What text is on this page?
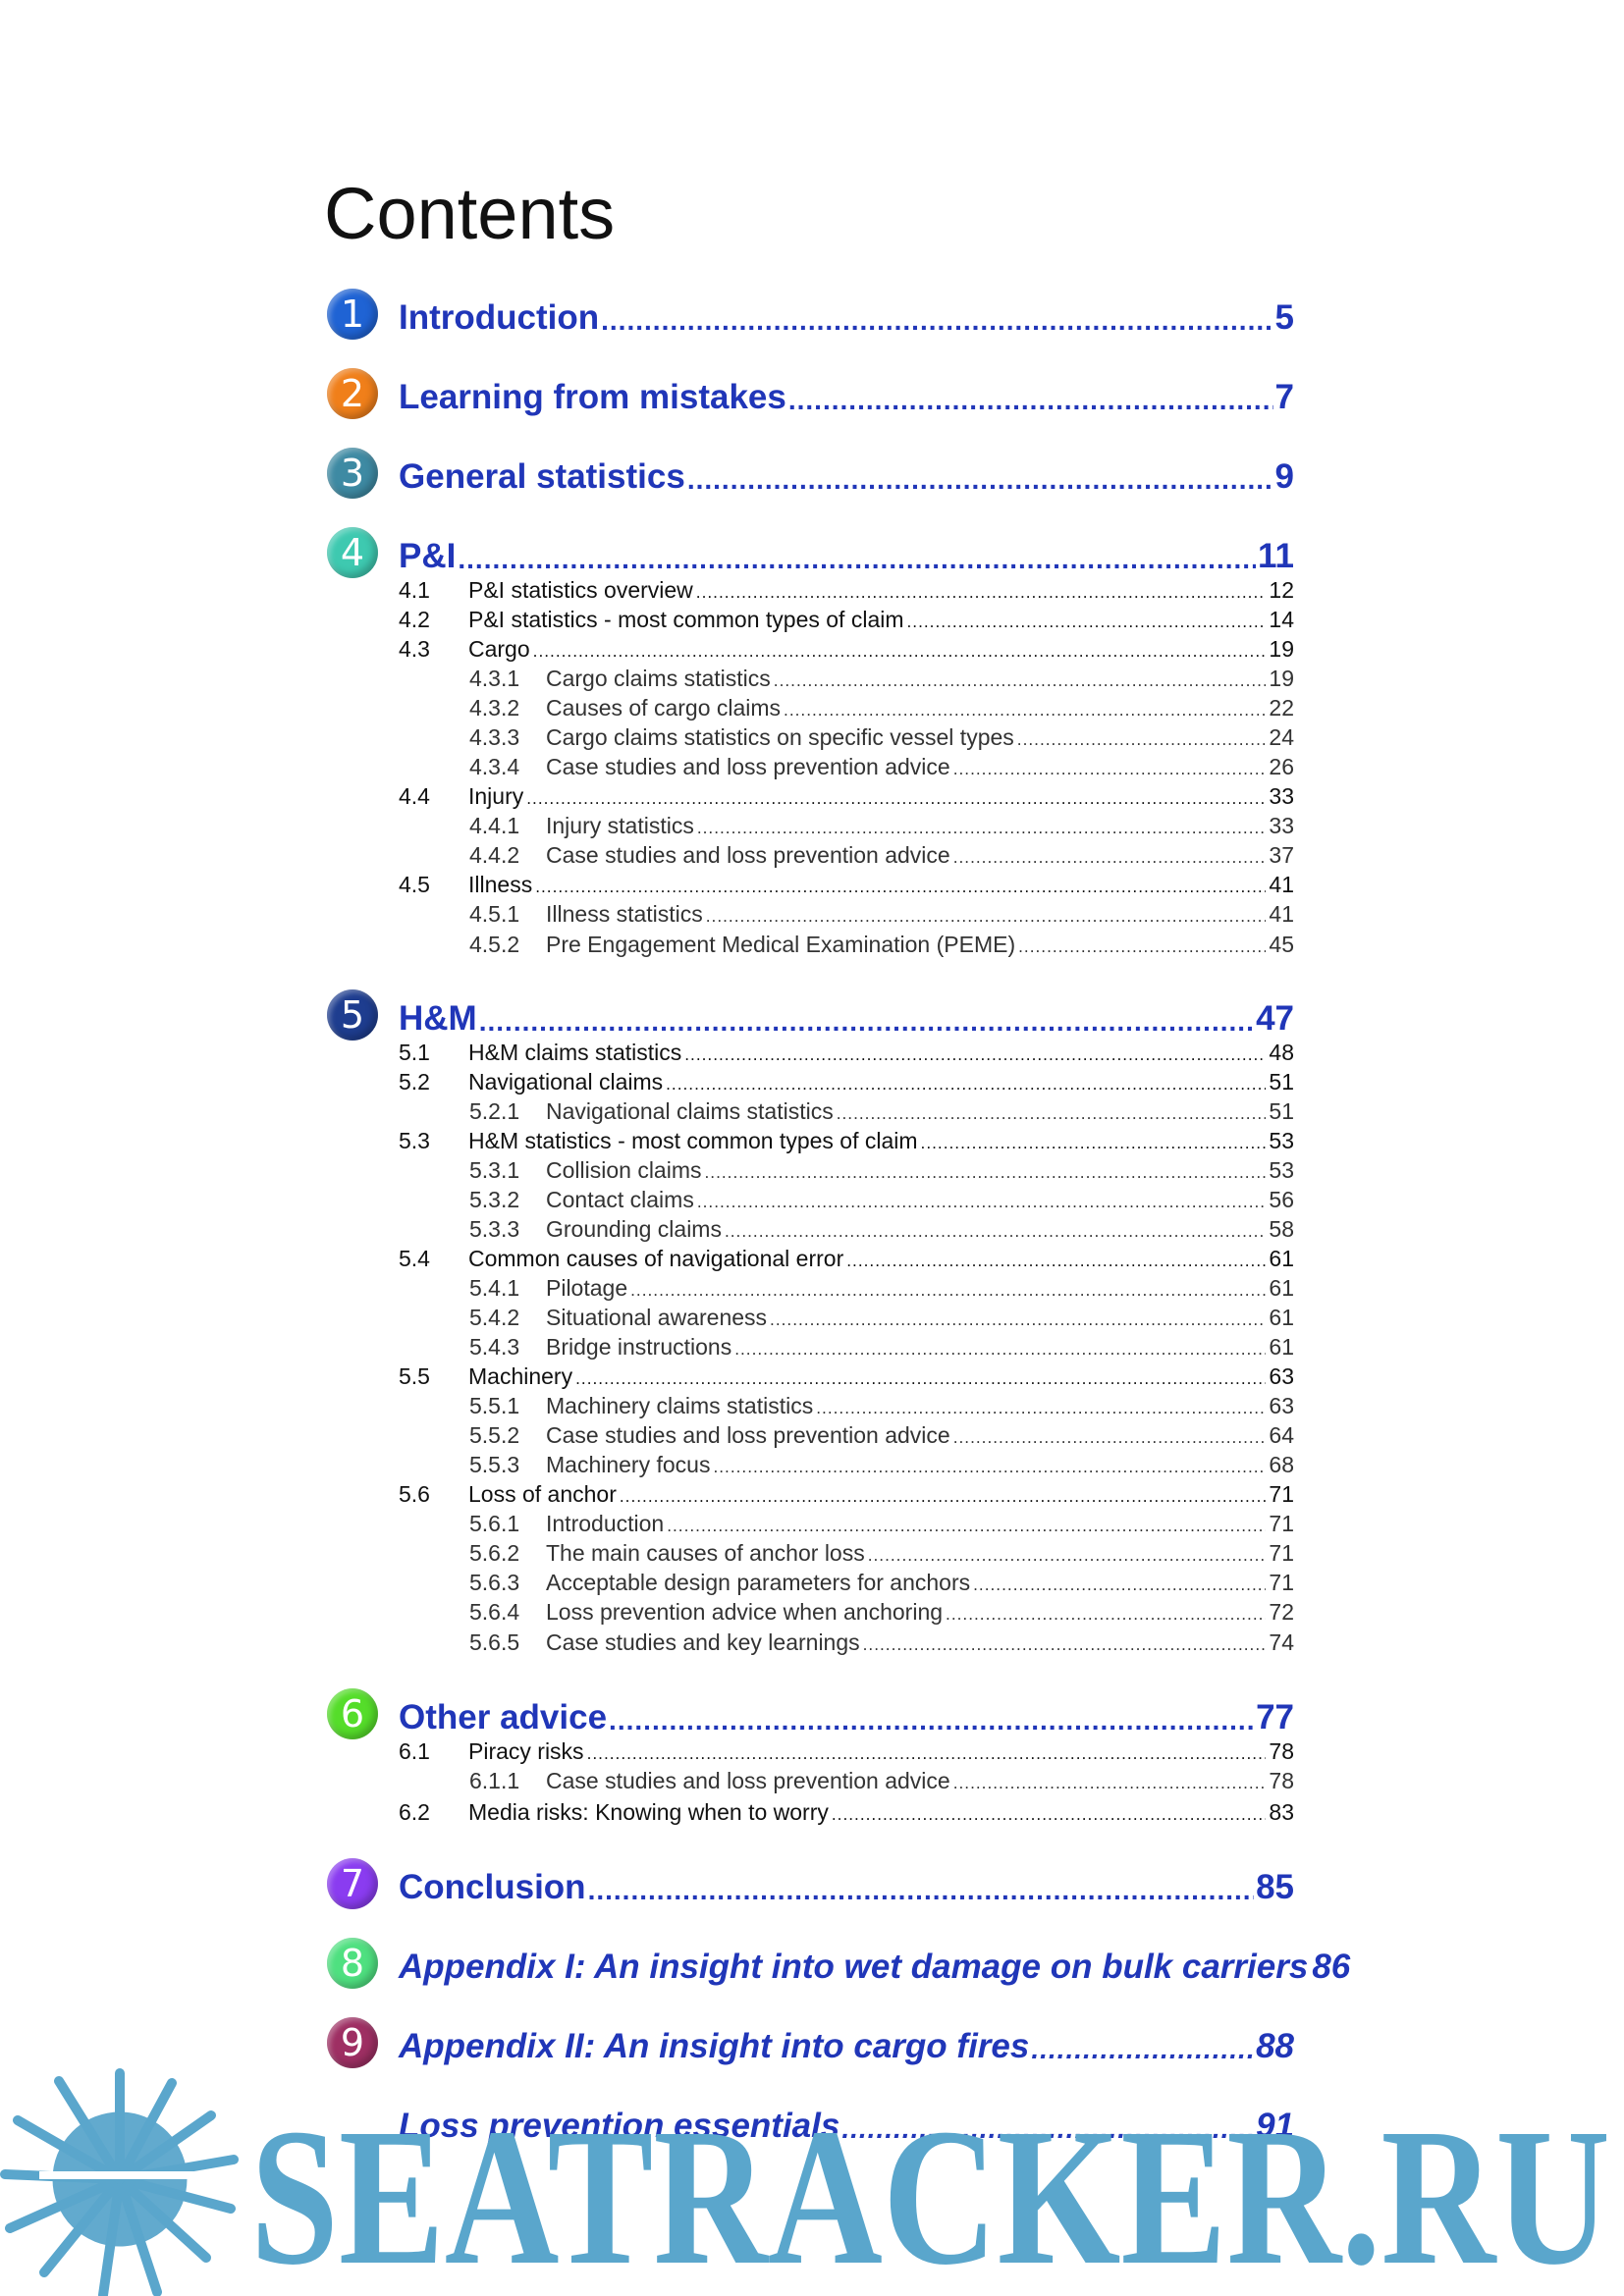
Contents
1 Introduction .....	5
2 Learning from mistakes .....	7
3 General statistics .....	9
4 P&I .....	11
4.1 P&I statistics overview .....	12
4.2 P&I statistics - most common types of claim .....	14
4.3 Cargo .....	19
4.3.1 Cargo claims statistics .....	19
4.3.2 Causes of cargo claims .....	22
4.3.3 Cargo claims statistics on specific vessel types .....	24
4.3.4 Case studies and loss prevention advice .....	26
4.4 Injury .....	33
4.4.1 Injury statistics .....	33
4.4.2 Case studies and loss prevention advice .....	37
4.5 Illness .....	41
4.5.1 Illness statistics .....	41
4.5.2 Pre Engagement Medical Examination (PEME) .....	45
5 H&M .....	47
5.1 H&M claims statistics .....	48
5.2 Navigational claims .....	51
5.2.1 Navigational claims statistics .....	51
5.3 H&M statistics - most common types of claim .....	53
5.3.1 Collision claims .....	53
5.3.2 Contact claims .....	56
5.3.3 Grounding claims .....	58
5.4 Common causes of navigational error .....	61
5.4.1 Pilotage .....	61
5.4.2 Situational awareness .....	61
5.4.3 Bridge instructions .....	61
5.5 Machinery .....	63
5.5.1 Machinery claims statistics .....	63
5.5.2 Case studies and loss prevention advice .....	64
5.5.3 Machinery focus .....	68
5.6 Loss of anchor .....	71
5.6.1 Introduction .....	71
5.6.2 The main causes of anchor loss .....	71
5.6.3 Acceptable design parameters for anchors .....	71
5.6.4 Loss prevention advice when anchoring .....	72
5.6.5 Case studies and key learnings .....	74
6 Other advice .....	77
6.1 Piracy risks .....	78
6.1.1 Case studies and loss prevention advice .....	78
6.2 Media risks: Knowing when to worry .....	83
7 Conclusion .....	85
8 Appendix I: An insight into wet damage on bulk carriers 86
9 Appendix II: An insight into cargo fires .....	88
Loss prevention essentials .....	91
SEATRACKER.RU
